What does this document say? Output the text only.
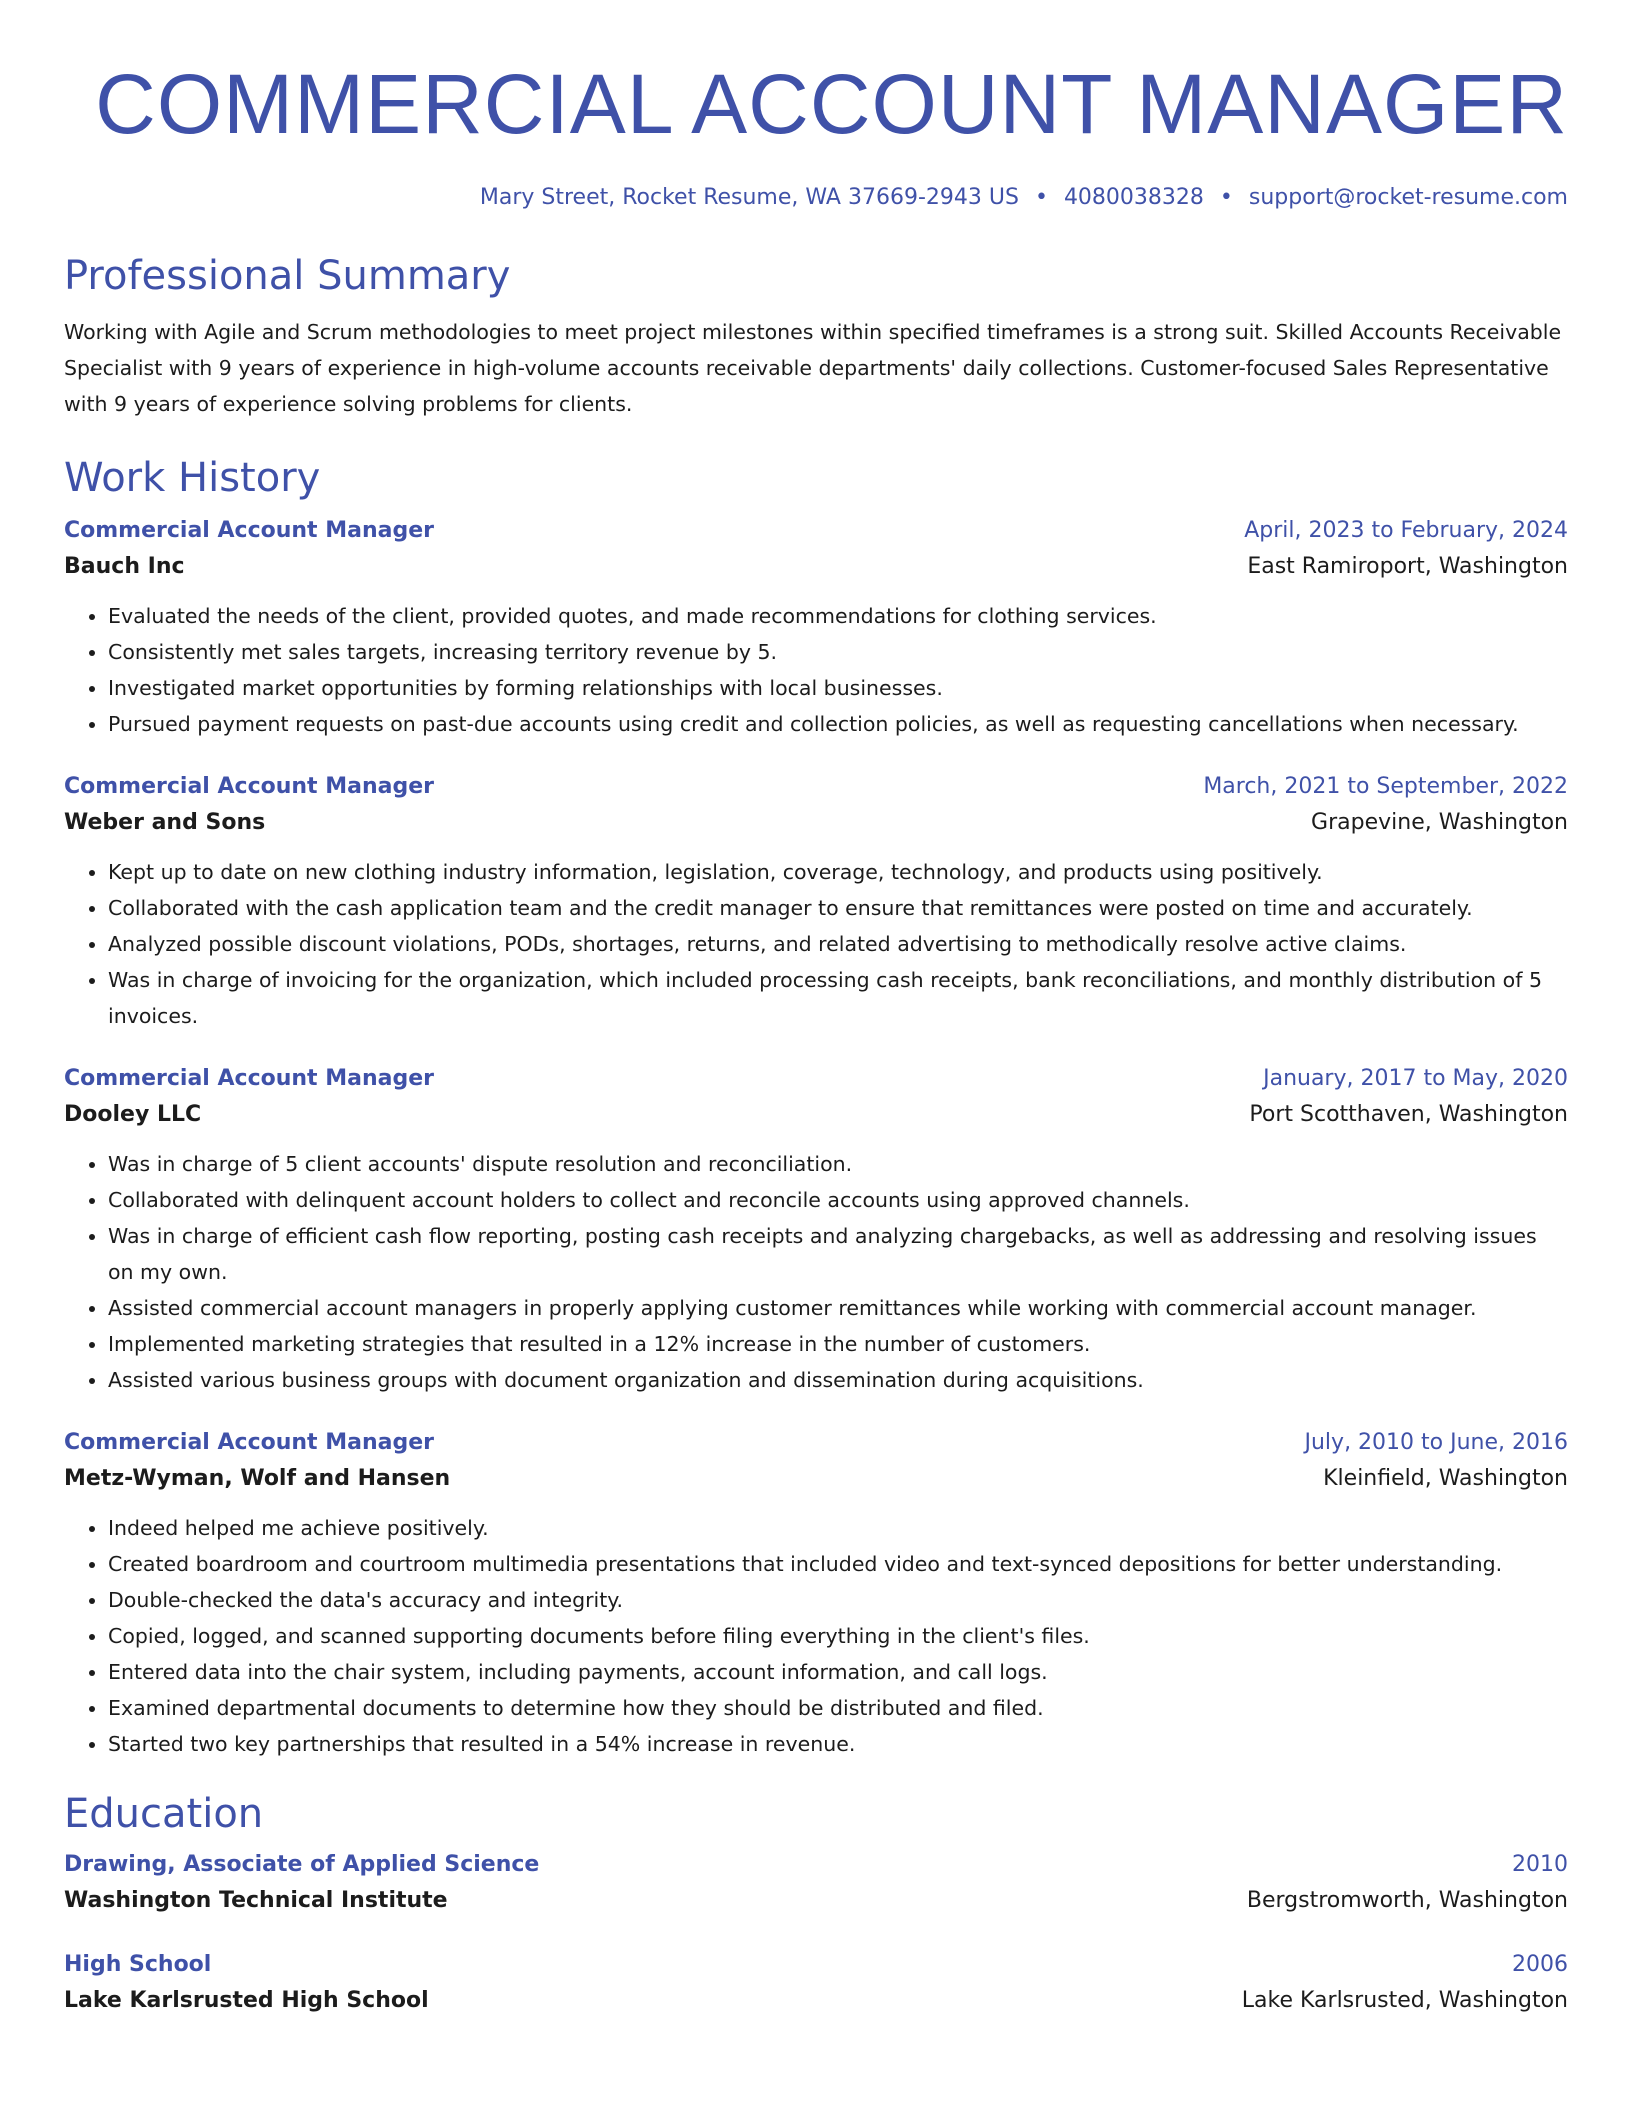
COMMERCIAL ACCOUNT MANAGER
Mary Street, Rocket Resume, WA 37669-2943 US • 4080038328 • support@rocket-resume.com
Professional Summary
Working with Agile and Scrum methodologies to meet project milestones within specified timeframes is a strong suit. Skilled Accounts Receivable Specialist with 9 years of experience in high-volume accounts receivable departments' daily collections. Customer-focused Sales Representative with 9 years of experience solving problems for clients.
Work History
Commercial Account Manager	April, 2023 to February, 2024
Bauch Inc	East Ramiroport, Washington
• Evaluated the needs of the client, provided quotes, and made recommendations for clothing services.
• Consistently met sales targets, increasing territory revenue by 5.
• Investigated market opportunities by forming relationships with local businesses.
• Pursued payment requests on past-due accounts using credit and collection policies, as well as requesting cancellations when necessary.
Commercial Account Manager	March, 2021 to September, 2022
Weber and Sons	Grapevine, Washington
• Kept up to date on new clothing industry information, legislation, coverage, technology, and products using positively.
• Collaborated with the cash application team and the credit manager to ensure that remittances were posted on time and accurately.
• Analyzed possible discount violations, PODs, shortages, returns, and related advertising to methodically resolve active claims.
• Was in charge of invoicing for the organization, which included processing cash receipts, bank reconciliations, and monthly distribution of 5 invoices.
Commercial Account Manager	January, 2017 to May, 2020
Dooley LLC	Port Scotthaven, Washington
• Was in charge of 5 client accounts' dispute resolution and reconciliation.
• Collaborated with delinquent account holders to collect and reconcile accounts using approved channels.
• Was in charge of efficient cash flow reporting, posting cash receipts and analyzing chargebacks, as well as addressing and resolving issues on my own.
• Assisted commercial account managers in properly applying customer remittances while working with commercial account manager.
• Implemented marketing strategies that resulted in a 12% increase in the number of customers.
• Assisted various business groups with document organization and dissemination during acquisitions.
Commercial Account Manager	July, 2010 to June, 2016
Metz-Wyman, Wolf and Hansen	Kleinfield, Washington
• Indeed helped me achieve positively.
• Created boardroom and courtroom multimedia presentations that included video and text-synced depositions for better understanding.
• Double-checked the data's accuracy and integrity.
• Copied, logged, and scanned supporting documents before filing everything in the client's files.
• Entered data into the chair system, including payments, account information, and call logs.
• Examined departmental documents to determine how they should be distributed and filed.
• Started two key partnerships that resulted in a 54% increase in revenue.
Education
Drawing, Associate of Applied Science	2010
Washington Technical Institute	Bergstromworth, Washington
High School	2006
Lake Karlsrusted High School	Lake Karlsrusted, Washington
